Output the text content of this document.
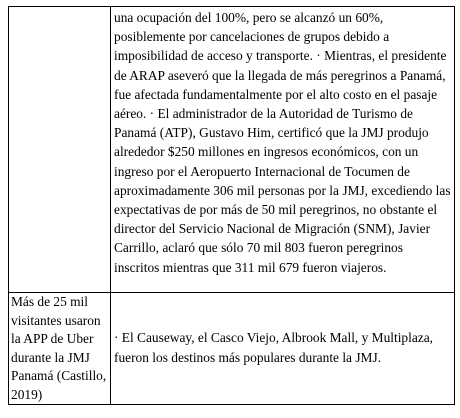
	una ocupación del 100%, pero se alcanzó un 60%, posiblemente por cancelaciones de grupos debido a imposibilidad de acceso y transporte. · Mientras, el presidente de ARAP aseveró que la llegada de más peregrinos a Panamá, fue afectada fundamentalmente por el alto costo en el pasaje aéreo. · El administrador de la Autoridad de Turismo de Panamá (ATP), Gustavo Him, certificó que la JMJ produjo alrededor $250 millones en ingresos económicos, con un ingreso por el Aeropuerto Internacional de Tocumen de aproximadamente 306 mil personas por la JMJ, excediendo las expectativas de por más de 50 mil peregrinos, no obstante el director del Servicio Nacional de Migración (SNM), Javier Carrillo, aclaró que sólo 70 mil 803 fueron peregrinos inscritos mientras que 311 mil 679 fueron viajeros.

Más de 25 mil visitantes usaron la APP de Uber durante la JMJ Panamá (Castillo, 2019)	· El Causeway, el Casco Viejo, Albrook Mall, y Multiplaza, fueron los destinos más populares durante la JMJ.
